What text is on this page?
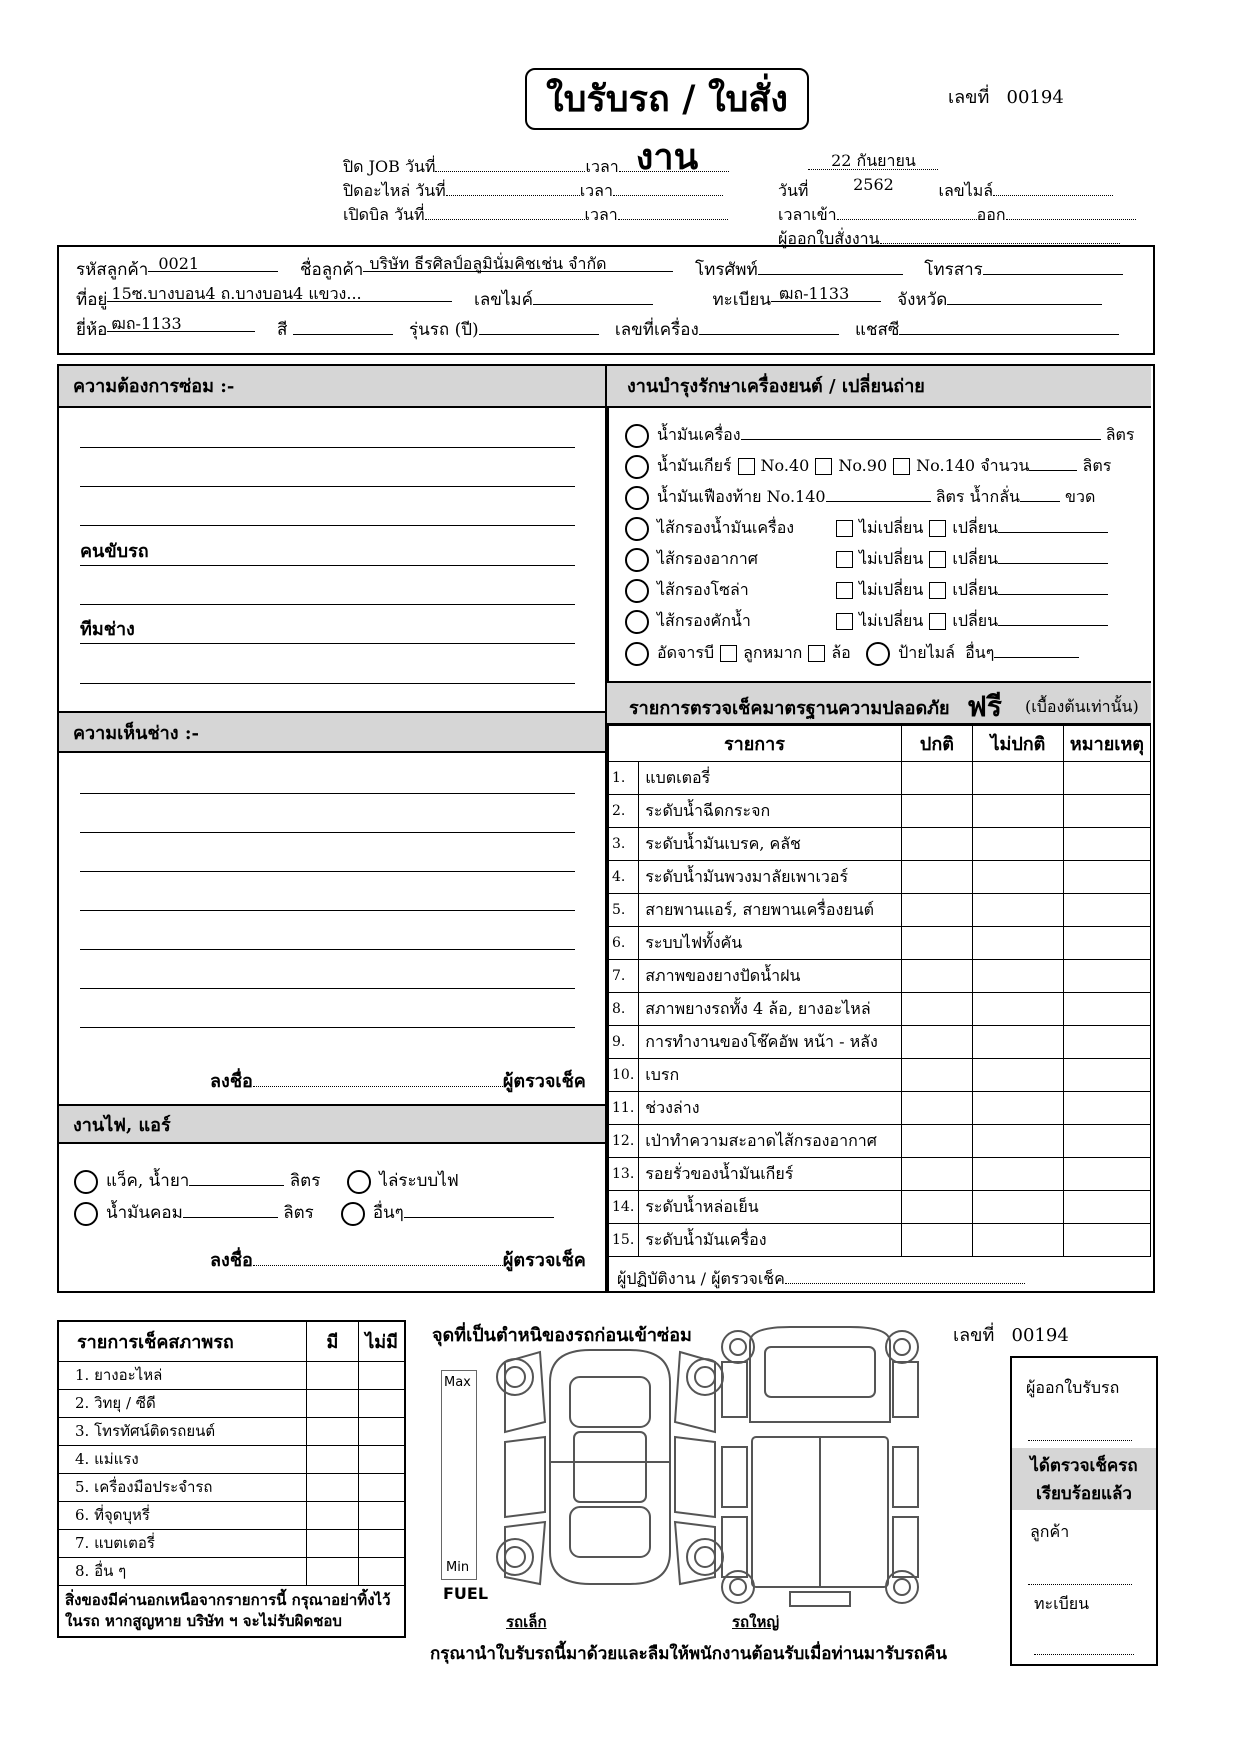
ใบรับรถ / ใบสั่งงาน
เลขที่ 00194
ปิด JOB วันที่	เวลา
ปิดอะไหล่ วันที่	เวลา
เปิดบิล วันที่	เวลา
วันที่22 กันยายน 2562	เลขไมล์
เวลาเข้า	ออก
ผู้ออกใบสั่งงาน
รหัสลูกค้า 0021	ชื่อลูกค้า บริษัท ธีรศิลป์อลูมินั่มคิชเช่น จำกัด	โทรศัพท์	โทรสาร
ที่อยู่ 15ซ.บางบอน4 ถ.บางบอน4 แขวง...	เลขไมค์	ทะเบียน ฒถ-1133	จังหวัด
ยี่ห้อ ฒถ-1133	สี	รุ่นรถ (ปี)	เลขที่เครื่อง	แชสซี
ความต้องการซ่อม :-
คนขับรถ
ทีมช่าง
ความเห็นช่าง :-
ลงชื่อ	ผู้ตรวจเช็ค
งานไฟ, แอร์
แว็ค, น้ำยา	ลิตร	ไล่ระบบไฟ
น้ำมันคอม	ลิตร	อื่นๆ
ลงชื่อ	ผู้ตรวจเช็ค
งานบำรุงรักษาเครื่องยนต์ / เปลี่ยนถ่าย
น้ำมันเครื่อง	ลิตร
น้ำมันเกียร์ No.40 No.90 No.140 จำนวน	ลิตร
น้ำมันเฟืองท้าย No.140	ลิตร น้ำกลั่น	ขวด
ไส้กรองน้ำมันเครื่อง	ไม่เปลี่ยน เปลี่ยน
ไส้กรองอากาศ	ไม่เปลี่ยน เปลี่ยน
ไส้กรองโซล่า	ไม่เปลี่ยน เปลี่ยน
ไส้กรองคักน้ำ	ไม่เปลี่ยน เปลี่ยน
อัดจารบี ลูกหมาก ล้อ	ป้ายไมล์ อื่นๆ
รายการตรวจเช็คมาตรฐานความปลอดภัย ฟรี (เบื้องต้นเท่านั้น)
รายการ		ปกติ	ไม่ปกติ	หมายเหตุ
1.	แบตเตอรี่			
2.	ระดับน้ำฉีดกระจก			
3.	ระดับน้ำมันเบรค, คลัช			
4.	ระดับน้ำมันพวงมาลัยเพาเวอร์			
5.	สายพานแอร์, สายพานเครื่องยนต์			
6.	ระบบไฟทั้งคัน			
7.	สภาพของยางปัดน้ำฝน			
8.	สภาพยางรถทั้ง 4 ล้อ, ยางอะไหล่			
9.	การทำงานของโช๊คอัพ หน้า - หลัง			
10.	เบรก			
11.	ช่วงล่าง			
12.	เป่าทำความสะอาดไส้กรองอากาศ			
13.	รอยรั่วของน้ำมันเกียร์			
14.	ระดับน้ำหล่อเย็น			
15.	ระดับน้ำมันเครื่อง			
ผู้ปฏิบัติงาน / ผู้ตรวจเช็ค
รายการเช็คสภาพรถ	มี	ไม่มี
1. ยางอะไหล่		
2. วิทยุ / ซีดี		
3. โทรทัศน์ติดรถยนต์		
4. แม่แรง		
5. เครื่องมือประจำรถ		
6. ที่จุดบุหรี่		
7. แบตเตอรี่		
8. อื่น ๆ		
สิ่งของมีค่านอกเหนือจากรายการนี้ กรุณาอย่าทิ้งไว้ในรถ หากสูญหาย บริษัท ฯ จะไม่รับผิดชอบ		
จุดที่เป็นตำหนิของรถก่อนเข้าซ่อม
Max
Min
FUEL
รถเล็ก	รถใหญ่
กรุณานำใบรับรถนี้มาด้วยและลืมให้พนักงานต้อนรับเมื่อท่านมารับรถคืน
เลขที่ 00194
ผู้ออกใบรับรถ
ได้ตรวจเช็ครถเรียบร้อยแล้ว
ลูกค้า
ทะเบียน
